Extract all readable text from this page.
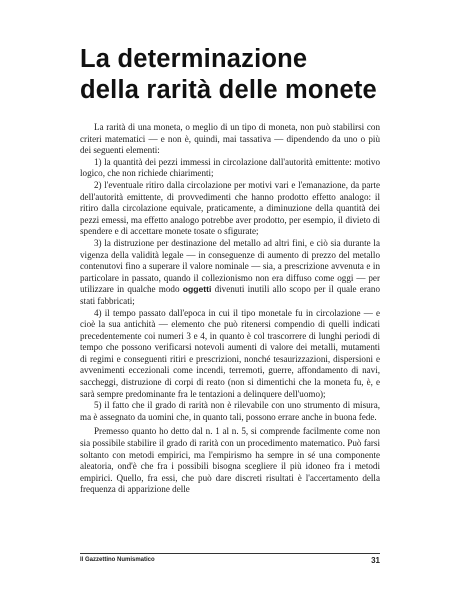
La determinazione
della rarità delle monete

La rarità di una moneta, o meglio di un tipo di moneta, non può stabilirsi con criteri matematici — e non è, quindi, mai tassativa — dipendendo da uno o più dei seguenti elementi:

1) la quantità dei pezzi immessi in circolazione dall'autorità emittente: motivo logico, che non richiede chiarimenti;

2) l'eventuale ritiro dalla circolazione per motivi vari e l'emanazione, da parte dell'autorità emittente, di provvedimenti che hanno prodotto effetto analogo: il ritiro dalla circolazione equivale, praticamente, a diminuzione della quantità dei pezzi emessi, ma effetto analogo potrebbe aver prodotto, per esempio, il divieto di spendere e di accettare monete tosate o sfigurate;

3) la distruzione per destinazione del metallo ad altri fini, e ciò sia durante la vigenza della validità legale — in conseguenze di aumento di prezzo del metallo contenutovi fino a superare il valore nominale — sia, a prescrizione avvenuta e in particolare in passato, quando il collezionismo non era diffuso come oggi — per utilizzare in qualche modo oggetti divenuti inutili allo scopo per il quale erano stati fabbricati;

4) il tempo passato dall'epoca in cui il tipo monetale fu in circolazione — e cioè la sua antichità — elemento che può ritenersi compendio di quelli indicati precedentemente coi numeri 3 e 4, in quanto è col trascorrere di lunghi periodi di tempo che possono verificarsi notevoli aumenti di valore dei metalli, mutamenti di regimi e conseguenti ritiri e prescrizioni, nonché tesaurizzazioni, dispersioni e avvenimenti eccezionali come incendi, terremoti, guerre, affondamento di navi, saccheggi, distruzione di corpi di reato (non si dimentichi che la moneta fu, è, e sarà sempre predominante fra le tentazioni a delinquere dell'uomo);

5) il fatto che il grado di rarità non è rilevabile con uno strumento di misura, ma è assegnato da uomini che, in quanto tali, possono errare anche in buona fede.

Premesso quanto ho detto dal n. 1 al n. 5, si comprende facilmente come non sia possibile stabilire il grado di rarità con un procedimento matematico. Può farsi soltanto con metodi empirici, ma l'empirismo ha sempre in sé una componente aleatoria, ond'è che fra i possibili bisogna scegliere il più idoneo fra i metodi empirici. Quello, fra essi, che può dare discreti risultati è l'accertamento della frequenza di apparizione delle

Il Gazzettino Numismatico	31
